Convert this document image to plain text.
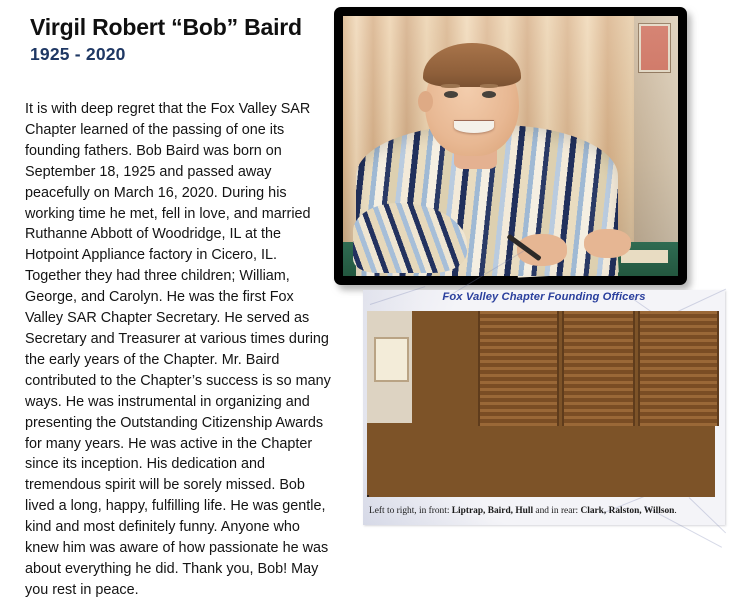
Virgil Robert “Bob” Baird
1925 - 2020
It is with deep regret that the Fox Valley SAR Chapter learned of the passing of one its founding fathers. Bob Baird was born on September 18, 1925 and passed away peacefully on March 16, 2020. During his working time he met, fell in love, and married Ruthanne Abbott of Woodridge, IL at the Hotpoint Appliance factory in Cicero, IL. Together they had three children; William, George, and Carolyn. He was the first Fox Valley SAR Chapter Secretary. He served as Secretary and Treasurer at various times during the early years of the Chapter. Mr. Baird contributed to the Chapter’s success is so many ways. He was instrumental in organizing and presenting the Outstanding Citizenship Awards for many years. He was active in the Chapter since its inception. His dedication and tremendous spirit will be sorely missed. Bob lived a long, happy, fulfilling life. He was gentle, kind and most definitely funny. Anyone who knew him was aware of how passionate he was about everything he did. Thank you, Bob! May you rest in peace.
Fox Valley Chapter Founding Officers
Left to right, in front: Liptrap, Baird, Hull and in rear: Clark, Ralston, Willson.
